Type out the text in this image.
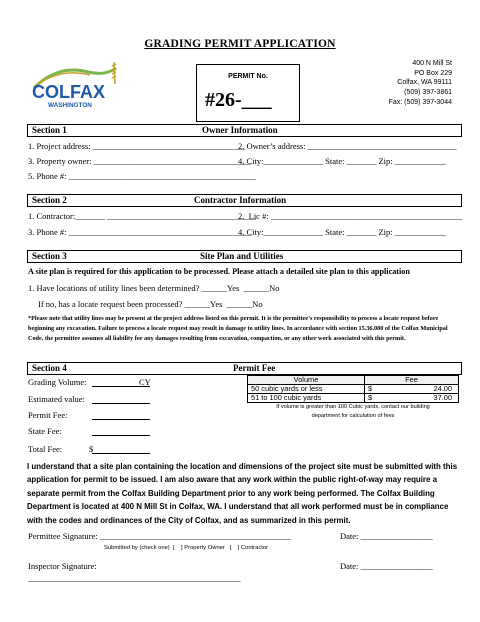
GRADING PERMIT APPLICATION
COLFAX
WASHINGTON
PERMIT No.
#26-___
400 N Mill St
PO Box 229
Colfax, WA 99111
(509) 397-3861
Fax: (509) 397-3044
Section 1	Owner Information
1. Project address: ____________________________________
2. Owner’s address: ___________________________________
3. Property owner: _____________________________________
4. City:______________ State: _______ Zip: ____________
5. Phone #: ____________________________________________
Section 2	Contractor Information
1. Contractor:_______ ___________________________________
2.  Lic #: _____________________________________________
3. Phone #: ___________________________________________
4. City:______________ State: _______ Zip: ____________
Section 3	Site Plan and Utilities
A site plan is required for this application to be processed. Please attach a detailed site plan to this application
1. Have locations of utility lines been determined? ______Yes  ______No
If no, has a locate request been processed? ______Yes  ______No
*Please note that utility lines may be present at the project address listed on this permit. It is the permittee’s responsibility to process a locate request before beginning any excavation. Failure to process a locate request may result in damage to utility lines. In accordance with section 15.36.080 of the Colfax Municipal Code, the permittee assumes all liability for any damages resulting from excavation, compaction, or any other work associated with this permit.
Section 4	Permit Fee
Grading Volume:	CY
Estimated value:
Permit Fee:
State Fee:
Total Fee:	$
Volume	Fee
50 cubic yards or less	$ 24.00

51 to 100 cubic yards	$ 37.00
If volume is greater than 100 Cubic yards, contact our building
department for calculation of fees
I understand that a site plan containing the location and dimensions of the project site must be submitted with this application for permit to be issued. I am also aware that any work within the public right-of-way may require a separate permit from the Colfax Building Department prior to any work being performed. The Colfax Building Department is located at 400 N Mill St in Colfax, WA. I understand that all work performed must be in compliance with the codes and ordinances of the City of Colfax, and as summarized in this permit.
Permittee Signature: _____________________________________________	Date: _________________
Submitted by (check one)  [    ] Property Owner   [    ] Contractor
Inspector Signature:	Date: _________________
__________________________________________________
